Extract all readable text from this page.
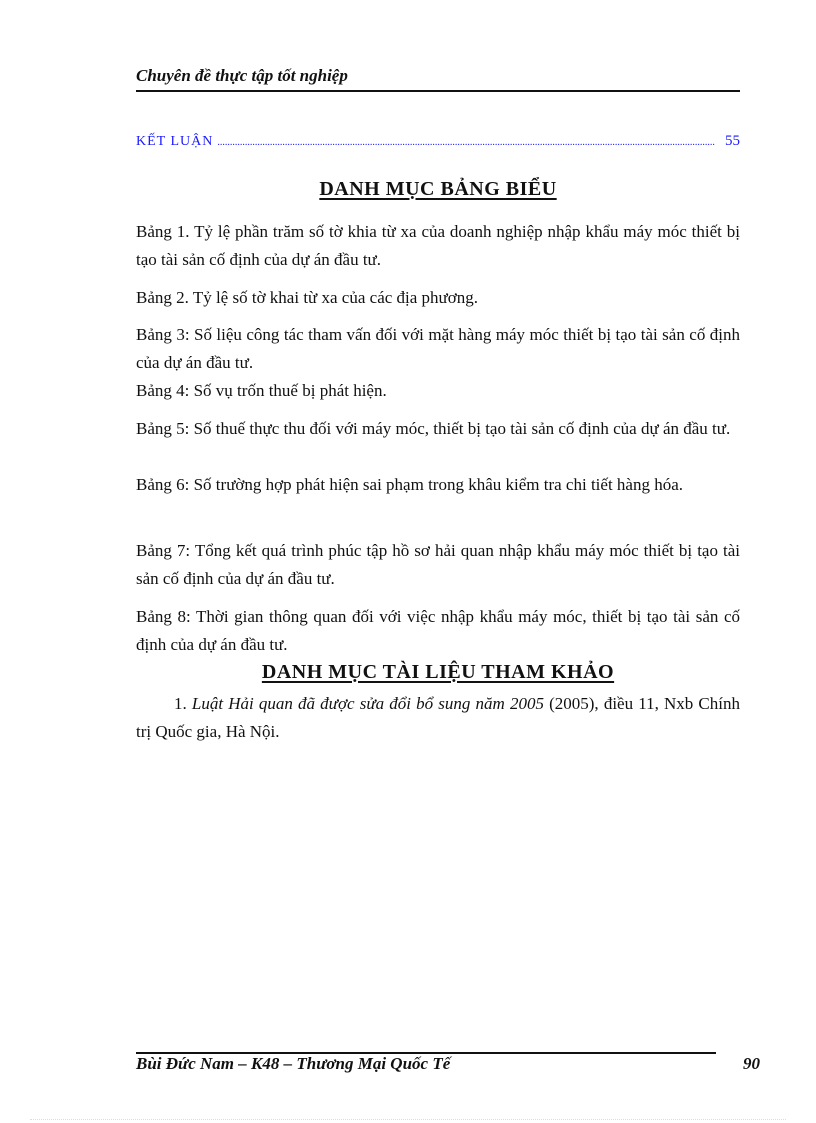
Chuyên đề thực tập tốt nghiệp
KẾT LUẬN ....................................................................................................................................................................................................... 55
DANH MỤC BẢNG BIỂU
Bảng 1. Tỷ lệ phần trăm số tờ khia từ xa của doanh nghiệp nhập khẩu máy móc thiết bị tạo tài sản cố định của dự án đầu tư.
Bảng 2. Tỷ lệ số tờ khai từ xa của các địa phương.
Bảng 3: Số liệu công tác tham vấn đối với mặt hàng máy móc thiết bị tạo tài sản cố định của dự án đầu tư.
Bảng 4: Số vụ trốn thuế bị phát hiện.
Bảng 5: Số thuế thực thu đối với máy móc, thiết bị tạo tài sản cố định của dự án đầu tư.
Bảng 6: Số trường hợp phát hiện sai phạm trong khâu kiểm tra chi tiết hàng hóa.
Bảng 7: Tổng kết quá trình phúc tập hồ sơ hải quan nhập khẩu máy móc thiết bị tạo tài sản cố định của dự án đầu tư.
Bảng 8: Thời gian thông quan đối với việc nhập khẩu máy móc, thiết bị tạo tài sản cố định của dự án đầu tư.
DANH MỤC TÀI LIỆU THAM KHẢO
1. Luật Hải quan đã được sửa đổi bổ sung năm 2005 (2005), điều 11, Nxb Chính trị Quốc gia, Hà Nội.
Bùi Đức Nam – K48 – Thương Mại Quốc Tế	90
